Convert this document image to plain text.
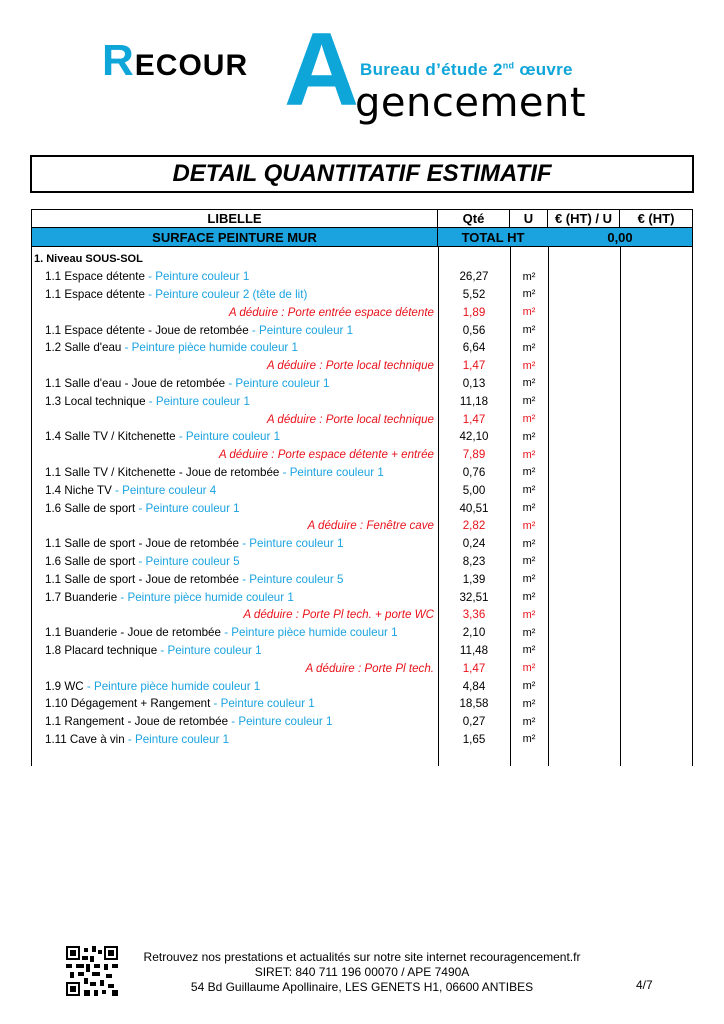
RECOUR A Bureau d’étude 2nd œuvre
gencement
DETAIL QUANTITATIF ESTIMATIF
LIBELLE	Qté	U	€ (HT) / U	€ (HT)
SURFACE PEINTURE MUR	TOTAL HT	0,00
1. Niveau SOUS-SOL
1.1 Espace détente - Peinture couleur 1	26,27	m²
1.1 Espace détente - Peinture couleur 2 (tête de lit)	5,52	m²
A déduire : Porte entrée espace détente	1,89	m²
1.1 Espace détente - Joue de retombée - Peinture couleur 1	0,56	m²
1.2 Salle d'eau - Peinture pièce humide couleur 1	6,64	m²
A déduire : Porte local technique	1,47	m²
1.1 Salle d'eau - Joue de retombée - Peinture couleur 1	0,13	m²
1.3 Local technique - Peinture couleur 1	11,18	m²
A déduire : Porte local technique	1,47	m²
1.4 Salle TV / Kitchenette - Peinture couleur 1	42,10	m²
A déduire : Porte espace détente + entrée	7,89	m²
1.1 Salle TV / Kitchenette - Joue de retombée - Peinture couleur 1	0,76	m²
1.4 Niche TV - Peinture couleur 4	5,00	m²
1.6 Salle de sport - Peinture couleur 1	40,51	m²
A déduire : Fenêtre cave	2,82	m²
1.1 Salle de sport - Joue de retombée - Peinture couleur 1	0,24	m²
1.6 Salle de sport - Peinture couleur 5	8,23	m²
1.1 Salle de sport - Joue de retombée - Peinture couleur 5	1,39	m²
1.7 Buanderie - Peinture pièce humide couleur 1	32,51	m²
A déduire : Porte Pl tech. + porte WC	3,36	m²
1.1 Buanderie - Joue de retombée - Peinture pièce humide couleur 1	2,10	m²
1.8 Placard technique - Peinture couleur 1	11,48	m²
A déduire : Porte Pl tech.	1,47	m²
1.9 WC - Peinture pièce humide couleur 1	4,84	m²
1.10 Dégagement + Rangement - Peinture couleur 1	18,58	m²
1.1 Rangement - Joue de retombée - Peinture couleur 1	0,27	m²
1.11 Cave à vin - Peinture couleur 1	1,65	m²
Retrouvez nos prestations et actualités sur notre site internet recouragencement.fr
SIRET: 840 711 196 00070 / APE 7490A
54 Bd Guillaume Apollinaire, LES GENETS H1, 06600 ANTIBES	4/7
